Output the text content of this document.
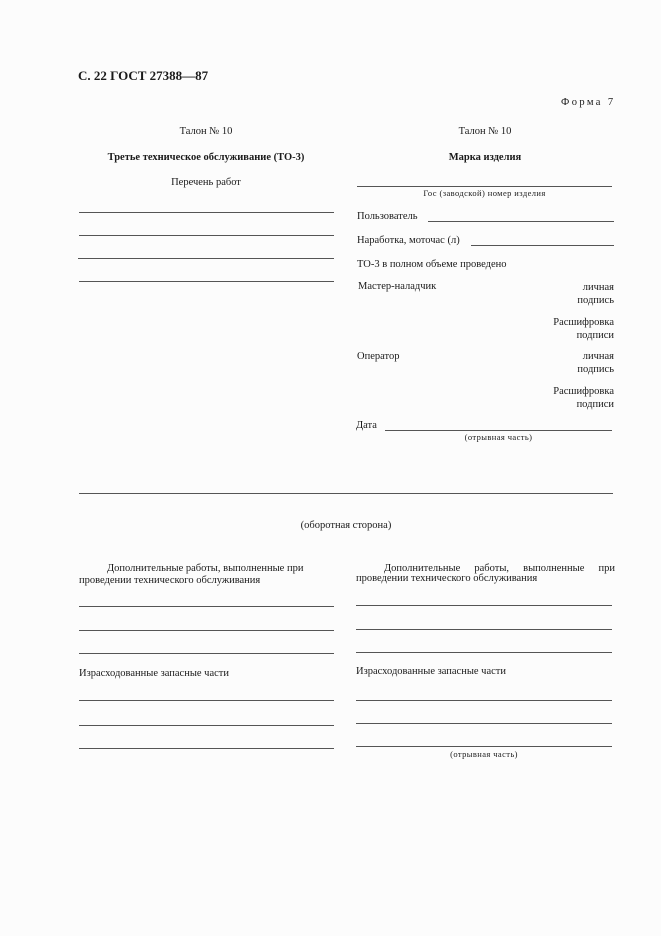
С. 22 ГОСТ 27388—87
Форма 7
Талон № 10
Третье техническое обслуживание (ТО-3)
Перечень работ
Талон № 10
Марка изделия
Гос (заводской) номер изделия
Пользователь
Наработка, моточас (л)
ТО-3 в полном объеме проведено
Мастер-наладчик	личная
подпись
Расшифровка
подписи
Оператор	личная
подпись
Расшифровка
подписи
Дата
(отрывная часть)
(оборотная сторона)
Дополнительные работы, выполненные при
проведении технического обслуживания
Израсходованные запасные части
Дополнительные работы, выполненные при
проведении технического обслуживания
Израсходованные запасные части
(отрывная часть)
